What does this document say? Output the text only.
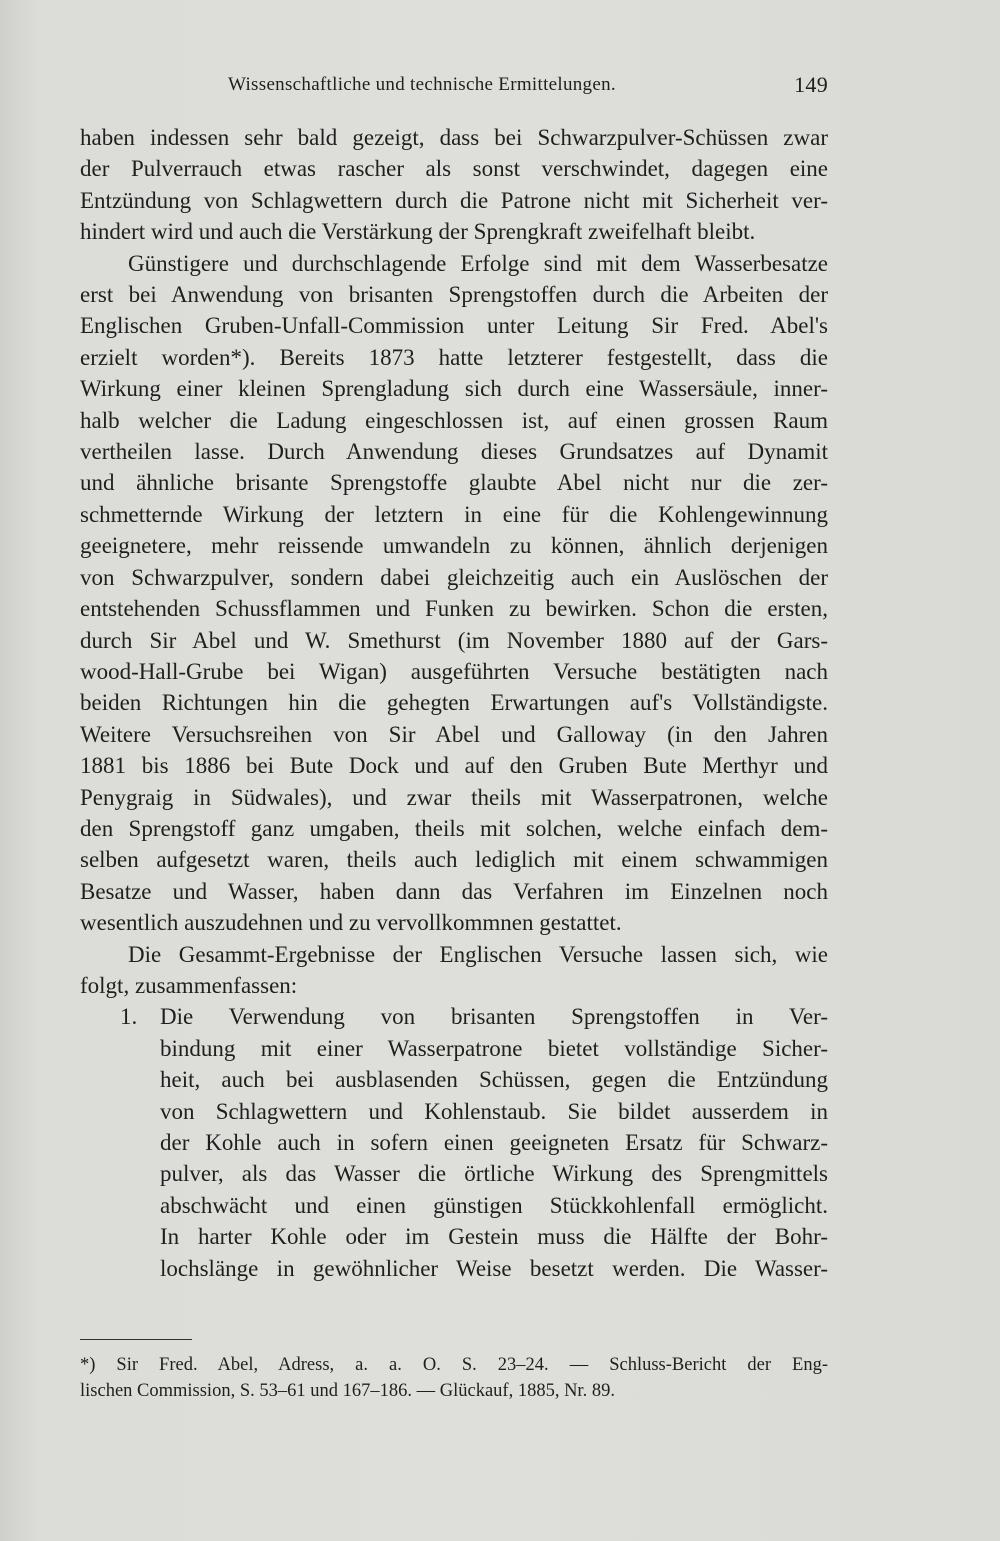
Wissenschaftliche und technische Ermittelungen.	149
haben indessen sehr bald gezeigt, dass bei Schwarzpulver-Schüssen zwar
der Pulverrauch etwas rascher als sonst verschwindet, dagegen eine
Entzündung von Schlagwettern durch die Patrone nicht mit Sicherheit ver-
hindert wird und auch die Verstärkung der Sprengkraft zweifelhaft bleibt.
Günstigere und durchschlagende Erfolge sind mit dem Wasserbesatze
erst bei Anwendung von brisanten Sprengstoffen durch die Arbeiten der
Englischen Gruben-Unfall-Commission unter Leitung Sir Fred. Abel's
erzielt worden*). Bereits 1873 hatte letzterer festgestellt, dass die
Wirkung einer kleinen Sprengladung sich durch eine Wassersäule, inner-
halb welcher die Ladung eingeschlossen ist, auf einen grossen Raum
vertheilen lasse. Durch Anwendung dieses Grundsatzes auf Dynamit
und ähnliche brisante Sprengstoffe glaubte Abel nicht nur die zer-
schmetternde Wirkung der letztern in eine für die Kohlengewinnung
geeignetere, mehr reissende umwandeln zu können, ähnlich derjenigen
von Schwarzpulver, sondern dabei gleichzeitig auch ein Auslöschen der
entstehenden Schussflammen und Funken zu bewirken. Schon die ersten,
durch Sir Abel und W. Smethurst (im November 1880 auf der Gars-
wood-Hall-Grube bei Wigan) ausgeführten Versuche bestätigten nach
beiden Richtungen hin die gehegten Erwartungen auf's Vollständigste.
Weitere Versuchsreihen von Sir Abel und Galloway (in den Jahren
1881 bis 1886 bei Bute Dock und auf den Gruben Bute Merthyr und
Penygraig in Südwales), und zwar theils mit Wasserpatronen, welche
den Sprengstoff ganz umgaben, theils mit solchen, welche einfach dem-
selben aufgesetzt waren, theils auch lediglich mit einem schwammigen
Besatze und Wasser, haben dann das Verfahren im Einzelnen noch
wesentlich auszudehnen und zu vervollkommnen gestattet.
Die Gesammt-Ergebnisse der Englischen Versuche lassen sich, wie
folgt, zusammenfassen:
1. Die Verwendung von brisanten Sprengstoffen in Ver-
bindung mit einer Wasserpatrone bietet vollständige Sicher-
heit, auch bei ausblasenden Schüssen, gegen die Entzündung
von Schlagwettern und Kohlenstaub. Sie bildet ausserdem in
der Kohle auch in sofern einen geeigneten Ersatz für Schwarz-
pulver, als das Wasser die örtliche Wirkung des Sprengmittels
abschwächt und einen günstigen Stückkohlenfall ermöglicht.
In harter Kohle oder im Gestein muss die Hälfte der Bohr-
lochslänge in gewöhnlicher Weise besetzt werden. Die Wasser-
*) Sir Fred. Abel, Adress, a. a. O. S. 23–24. — Schluss-Bericht der Eng-
lischen Commission, S. 53–61 und 167–186. — Glückauf, 1885, Nr. 89.
